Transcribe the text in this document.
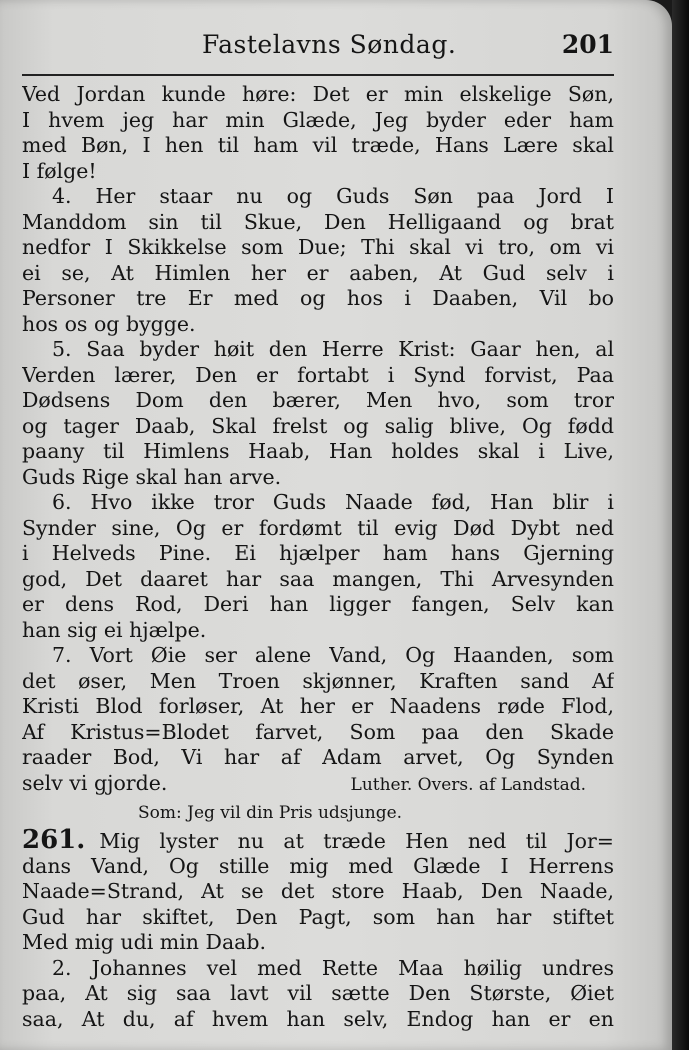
Fastelavns Søndag.	201
Ved Jordan kunde høre: Det er min elskelige Søn,
I hvem jeg har min Glæde, Jeg byder eder ham
med Bøn, I hen til ham vil træde, Hans Lære skal
I følge!
4. Her staar nu og Guds Søn paa Jord I
Manddom sin til Skue, Den Helligaand og brat
nedfor I Skikkelse som Due; Thi skal vi tro, om vi
ei se, At Himlen her er aaben, At Gud selv i
Personer tre Er med og hos i Daaben, Vil bo
hos os og bygge.
5. Saa byder høit den Herre Krist: Gaar hen, al
Verden lærer, Den er fortabt i Synd forvist, Paa
Dødsens Dom den bærer, Men hvo, som tror
og tager Daab, Skal frelst og salig blive, Og fødd
paany til Himlens Haab, Han holdes skal i Live,
Guds Rige skal han arve.
6. Hvo ikke tror Guds Naade fød, Han blir i
Synder sine, Og er fordømt til evig Død Dybt ned
i Helveds Pine. Ei hjælper ham hans Gjerning
god, Det daaret har saa mangen, Thi Arvesynden
er dens Rod, Deri han ligger fangen, Selv kan
han sig ei hjælpe.
7. Vort Øie ser alene Vand, Og Haanden, som
det øser, Men Troen skjønner, Kraften sand Af
Kristi Blod forløser, At her er Naadens røde Flod,
Af Kristus=Blodet farvet, Som paa den Skade
raader Bod, Vi har af Adam arvet, Og Synden
selv vi gjorde.	Luther. Overs. af Landstad.
Som: Jeg vil din Pris udsjunge.
261. Mig lyster nu at træde Hen ned til Jor=
dans Vand, Og stille mig med Glæde I Herrens
Naade=Strand, At se det store Haab, Den Naade,
Gud har skiftet, Den Pagt, som han har stiftet
Med mig udi min Daab.
2. Johannes vel med Rette Maa høilig undres
paa, At sig saa lavt vil sætte Den Største, Øiet
saa, At du, af hvem han selv, Endog han er en
